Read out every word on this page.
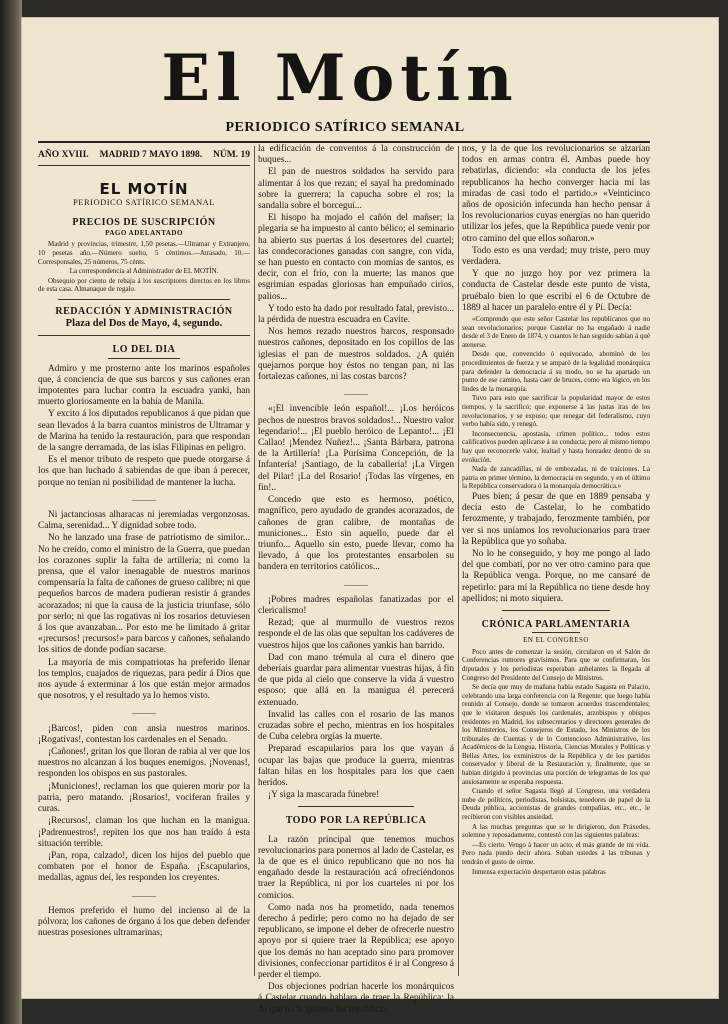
El Motín
PERIODICO SATÍRICO SEMANAL
AÑO XVIII. MADRID 7 MAYO 1898. NÚM. 19
EL MOTÍN
PERIODICO SATÍRICO SEMANAL
PRECIOS DE SUSCRIPCIÓN
PAGO ADELANTADO

Madrid y provincias, trimestre, 1,50 pesetas.—Ultramar y Extranjero, 10 pesetas año.—Número suelto, 5 céntimos.—Atrasado, 10.—Corresponsales, 25 números, 75 cénts.

La correspondencia al Administrador de EL MOTÍN.

Obsequio por ciento de rebaja á los suscriptores directos en los libros de esta casa. Almanaque de regalo.

REDACCIÓN Y ADMINISTRACIÓN
Plaza del Dos de Mayo, 4, segundo.
LO DEL DIA

Admiro y me prosterno ante los marinos españoles que, á conciencia de que sus barcos y sus cañones eran impotentes para luchar contra la escuadra yanki, han muerto gloriosamente en la bahía de Manila.

Y excito á los diputados republicanos á que pidan que sean llevados á la barra cuantos ministros de Ultramar y de Marina ha tenido la restauración, para que respondan de la sangre derramada, de las islas Filipinas en peligro.

Es el menor tributo de respeto que puede otorgarse á los que han luchado á sabiendas de que iban á perecer, porque no tenían ni posibilidad de mantener la lucha.

———

Ni jactanciosas alharacas ni jeremiadas vergonzosas. Calma, serenidad... Y dignidad sobre todo.

No he lanzado una frase de patriotismo de similor... No he creído, como el ministro de la Guerra, que puedan los corazones suplir la falta de artillería; ni como la prensa, que el valor inenagable de nuestros marinos compensaría la falta de cañones de grueso calibre; ni que pequeños barcos de madera pudieran resistir á grandes acorazados; ni que la causa de la justicia triunfase, sólo por serlo; ni que las rogativas ni los rosarios detuviesen á los que avanzaban... Por esto me he limitado á gritar «¡recursos! ¡recursos!» para barcos y cañones, señalando los sitios de donde podían sacarse.

La mayoría de mis compatriotas ha preferido llenar los templos, cuajados de riquezas, para pedir á Dios que nos ayude á exterminar á los que están mejor armados que nosotros, y el resultado ya lo hemos visto.

———

¡Barcos!, piden con ansia nuestros marinos. ¡Rogativas!, contestan los cardenales en el Senado.

¡Cañones!, gritan los que lloran de rabia al ver que los nuestros no alcanzan á los buques enemigos. ¡Novenas!, responden los obispos en sus pastorales.

¡Municiones!, reclaman los que quieren morir por la patria, pero matando. ¡Rosarios!, vociferan frailes y curas.

¡Recursos!, claman los que luchan en la manigua. ¡Padrenuestros!, repiten los que nos han traído á esta situación terrible.

¡Pan, ropa, calzado!, dicen los hijos del pueblo que combaten por el honor de España. ¡Escapularios, medallas, agnus deí, les responden los creyentes.

———

Hemos preferido el humo del incienso al de la pólvora; los cañones de órgano á los que deben defender nuestras posesiones ultramarinas;

la edificación de conventos á la construcción de buques...

El pan de nuestros soldados ha servido para alimentar á los que rezan; el sayal ha predominado sobre la guerrera; la capucha sobre el ros; la sandalia sobre el borceguí...

El hisopo ha mojado el cañón del mañser; la plegaria se ha impuesto al canto bélico; el seminario ha abierto sus puertas á los desertores del cuartel; las condecoraciones ganadas con sangre, con vida, se han puesto en contacto con momias de santos, es decir, con el frío, con la muerte; las manos que esgrimían espadas gloriosas han empuñado cirios, palios...

Y todo esto ha dado por resultado fatal, previsto... la pérdida de nuestra escuadra en Cavite.

Nos hemos rezado nuestros barcos, responsado nuestros cañones, depositado en los copillos de las iglesias el pan de nuestros soldados. ¿A quién quejarnos porque hoy éstos no tengan pan, ni las fortalezas cañones, ni las costas barcos?

———

«¡El invencible león español!... ¡Los heróicos pechos de nuestros bravos soldados!... Nuestro valor legendario!... ¡El pueblo heróico de Lepanto!... ¡El Callao! ¡Mendez Nuñez!... ¡Santa Bárbara, patrona de la Artillería! ¡La Purísima Concepción, de la Infantería! ¡Santiago, de la caballería! ¡La Virgen del Pilar! ¡La del Rosario! ¡Todas las vírgenes, en fin!..

Concedo que esto es hermoso, poético, magnífico, pero ayudado de grandes acorazados, de cañones de gran calibre, de montañas de municiones... Esto sin aquello, puede dar el triunfo... Aquello sin esto, puede llevar, como ha llevado, á que los protestantes ensarbolen su bandera en territorios católicos...

———

¡Pobres madres españolas fanatizadas por el clericalismo!

Rezad; que al murmullo de vuestros rezos responde el de las olas que sepultan los cadáveres de vuestros hijos que los cañones yankis han barrido.

Dad con mano trémula al cura el dinero que deberíais guardar para alimentar vuestras hijas, á fin de que pida al cielo que conserve la vida á vuestro esposo; que allá en la manigua él perecerá extenuado.

Invalid las calles con el rosario de las manos cruzadas sobre el pecho, mientras en los hospitales de Cuba celebra orgías la muerte.

Preparad escapularios para los que vayan á ocupar las bajas que produce la guerra, mientras faltan hilas en los hospitales para los que caen heridos.

¡Y siga la mascarada fúnebre!

TODO POR LA REPÚBLICA

La razón principal que tenemos muchos revolucionarios para ponernos al lado de Castelar, es la de que es el único republicano que no nos ha engañado desde la restauración acá ofreciéndonos traer la República, ni por los cuarteles ni por los comicios.

Como nada nos ha prometido, nada tenemos derecho á pedirle; pero como no ha dejado de ser republicano, se impone el deber de ofrecerle nuestro apoyo por si quiere traer la República; ese apoyo que los demás no han aceptado sino para promover divisiones, confeccionar partiditos é ir al Congreso á perder el tiempo.

Dos objeciones podrían hacerle los monárquicos á Castelar cuando hablara de traer la República: la de que no le quieren los republica-

nos, y la de que los revolucionarios se alzarían todos en armas contra él. Ambas puede hoy rebatirlas, diciendo: «la conducta de los jefes republicanos ha hecho converger hacia mí las miradas de casi todo el partido.» «Veinticinco años de oposición infecunda han hecho pensar á los revolucionarios cuyas energías no han querido utilizar los jefes, que la República puede venir por otro camino del que ellos soñaron.»

Todo esto es una verdad; muy triste, pero muy verdadera.

Y que no juzgo hoy por vez primera la conducta de Castelar desde este punto de vista, pruébalo bien lo que escribí el 6 de Octubre de 1889 al hacer un paralelo entre él y Pí. Decía:

«Comprendo que este señor Castelar los republicanos que no sean revolucionarios; porque Castelar no ha engañado á nadie desde el 3 de Enero de 1874, y cuantos le han seguido sabían á qué atenerse.

Desde que, convencido ó equivocado, abominó de los procedimientos de fuerza y se amparó de la legalidad monárquica para defender la democracia á su modo, no se ha apartado un punto de ese camino, hasta caer de bruces, como era lógico, en los lindes de la monarquía.

Tuvo para esto que sacrificar la popularidad mayor de estos tiempos, y la sacrificó; que exponerse á las justas iras de los revolucionarios, y se expuso; que renegar del federalismo, cuyo verbo había sido, y renegó.

Inconsecuencia, apostasía, crimen político... todos estos calificativos pueden aplicarse á su conducta; pero al mismo tiempo hay que reconocerle valor, lealtad y hasta honradez dentro de su evolución.

Nada de zancadillas, ni de embozadas, ni de traiciones. La patria en primer término, la democracia en segundo, y en el último la República conservadora ó la monarquía democrática.»

Pues bien; á pesar de que en 1889 pensaba y decía esto de Castelar, lo he combatido ferozmente, y trabajado, ferozmente también, por ver si nos uníamos los revolucionarios para traer la República que yo soñaba.

No lo he conseguido, y hoy me pongo al lado del que combatí, por no ver otro camino para que la República venga. Porque, no me cansaré de repetirlo: para mí la República no tiene desde hoy apellidos; ni moto siquiera.

CRÓNICA PARLAMENTARIA
EN EL CONGRESO

Poco antes de comenzar la sesión, circularon en el Salón de Conferencias rumores gravísimos. Para que se confirmaran, los diputados y los periodistas esperaban anhelantes la llegada al Congreso del Presidente del Consejo de Ministros.

Se decía que muy de mañana había estado Sagasta en Palacio, celebrando una larga conferencia con la Regente; que luego había reunido al Consejo, donde se tomaron acuerdos trascendentales; que le visitaron después los cardenales, arzobispos y obispos residentes en Madrid, los subsecretarios y directores generales de los Ministerios, los Consejeros de Estado, los Ministros de los tribunales de Cuentas y de lo Contencioso Administrativo, los Académicos de la Lengua, Historia, Ciencias Morales y Políticas y Bellas Artes, los exministros de la República y de los partidos conservador y liberal de la Restauración y, finalmente, que se habían dirigido á provincias una porción de telegramas de los que ansiosamente se esperaba respuesta.

Cuando el señor Sagasta llegó al Congreso, una verdadera nube de políticos, periodistas, bolsistas, tenedores de papel de la Deuda pública, accionistas de grandes compañías, etc., etc., le recibieron con visibles ansiedad.

A las muchas preguntas que se le dirigieron, don Práxedes, solemne y reposadamente, contestó con las siguientes palabras:

—Es cierto. Vengo á hacer un acto, el más grande de mi vida. Pero nada puedo decir ahora. Suban ustedes á las tribunas y tendrán el gusto de oírme.

Inmensa expectación despertaron estas palabras
